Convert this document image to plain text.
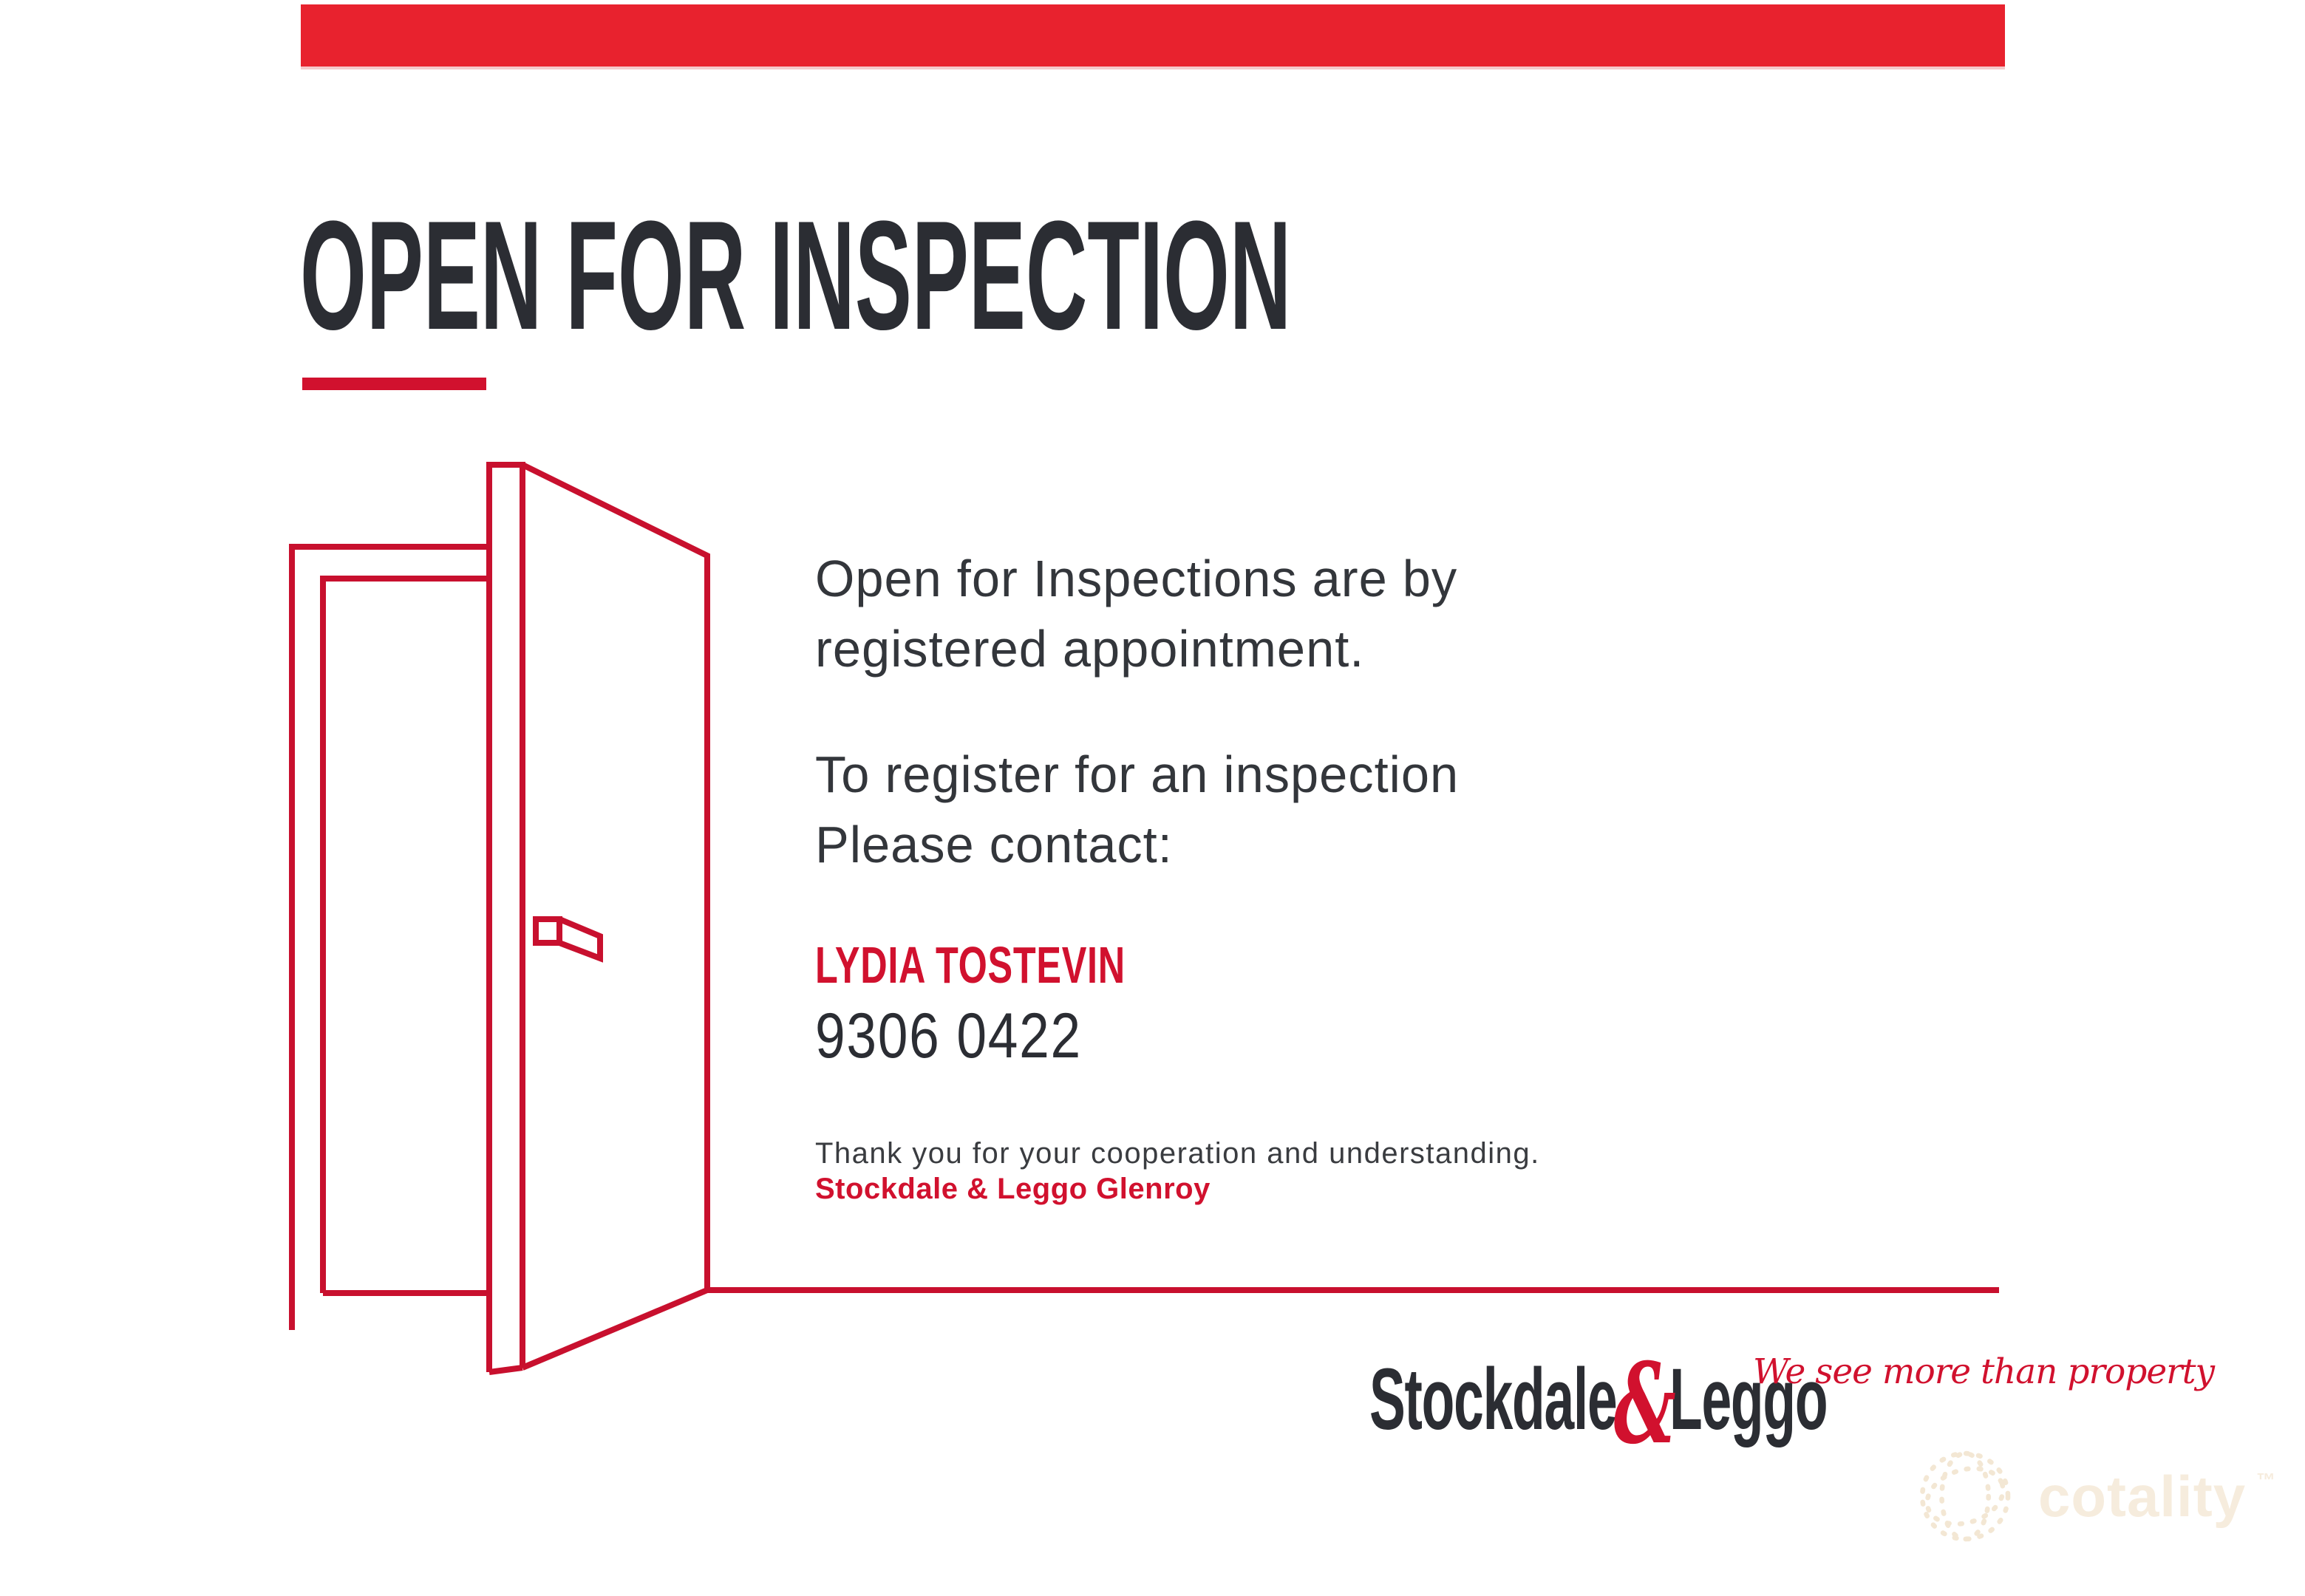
OPEN FOR INSPECTION
Open for Inspections are by
registered appointment.
To register for an inspection
Please contact:
LYDIA TOSTEVIN
9306 0422
Thank you for your cooperation and understanding.
Stockdale & Leggo Glenroy
Stockdale&Leggo
We see more than property
cotality ™
